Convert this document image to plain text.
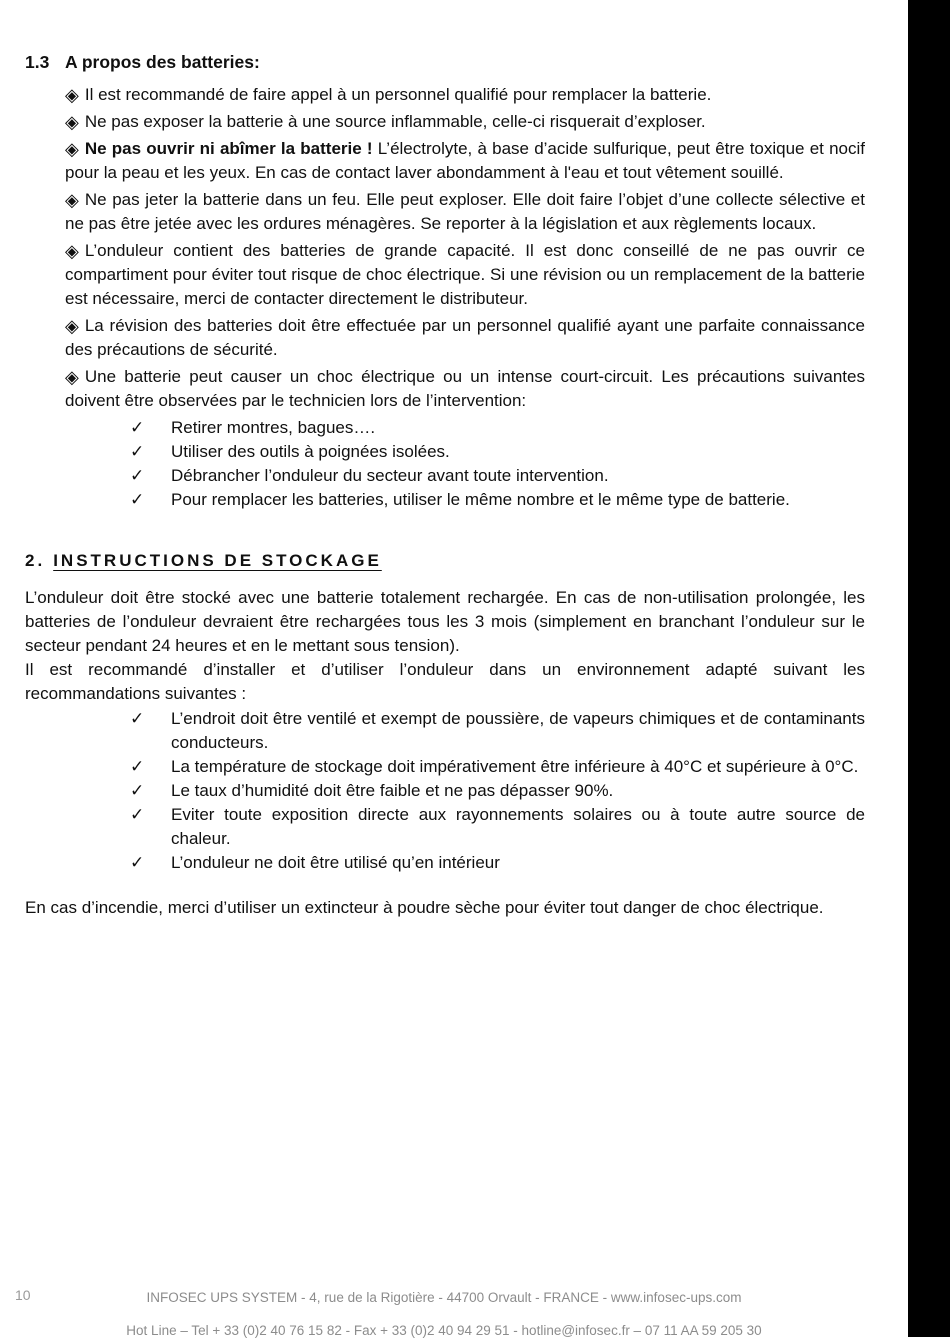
1.3 A propos des batteries:

◈ Il est recommandé de faire appel à un personnel qualifié pour remplacer la batterie.

◈ Ne pas exposer la batterie à une source inflammable, celle-ci risquerait d’exploser.

◈ Ne pas ouvrir ni abîmer la batterie ! L’électrolyte, à base d’acide sulfurique, peut être toxique et nocif pour la peau et les yeux. En cas de contact laver abondamment à l'eau et tout vêtement souillé.

◈ Ne pas jeter la batterie dans un feu. Elle peut exploser. Elle doit faire l’objet d’une collecte sélective et ne pas être jetée avec les ordures ménagères. Se reporter à la législation et aux règlements locaux.

◈ L’onduleur contient des batteries de grande capacité. Il est donc conseillé de ne pas ouvrir ce compartiment pour éviter tout risque de choc électrique. Si une révision ou un remplacement de la batterie est nécessaire, merci de contacter directement le distributeur.

◈ La révision des batteries doit être effectuée par un personnel qualifié ayant une parfaite connaissance des précautions de sécurité.

◈ Une batterie peut causer un choc électrique ou un intense court-circuit. Les précautions suivantes doivent être observées par le technicien lors de l’intervention:

✓	Retirer montres, bagues….
✓	Utiliser des outils à poignées isolées.
✓	Débrancher l’onduleur du secteur avant toute intervention.
✓	Pour remplacer les batteries, utiliser le même nombre et le même type de batterie.
2. INSTRUCTIONS DE STOCKAGE

L’onduleur doit être stocké avec une batterie totalement rechargée. En cas de non-utilisation prolongée, les batteries de l’onduleur devraient être rechargées tous les 3 mois (simplement en branchant l’onduleur sur le secteur pendant 24 heures et en le mettant sous tension).

Il est recommandé d’installer et d’utiliser l’onduleur dans un environnement adapté suivant les recommandations suivantes :

✓	L’endroit doit être ventilé et exempt de poussière, de vapeurs chimiques et de contaminants conducteurs.
✓	La température de stockage doit impérativement être inférieure à 40°C et supérieure à 0°C.
✓	Le taux d’humidité doit être faible et ne pas dépasser 90%.
✓	Eviter toute exposition directe aux rayonnements solaires ou à toute autre source de chaleur.
✓	L’onduleur ne doit être utilisé qu’en intérieur

En cas d’incendie, merci d’utiliser un extincteur à poudre sèche pour éviter tout danger de choc électrique.

10	INFOSEC UPS SYSTEM - 4, rue de la Rigotière - 44700 Orvault - FRANCE - www.infosec-ups.com
Hot Line – Tel + 33 (0)2 40 76 15 82 - Fax + 33 (0)2 40 94 29 51 - hotline@infosec.fr – 07 11 AA 59 205 30
